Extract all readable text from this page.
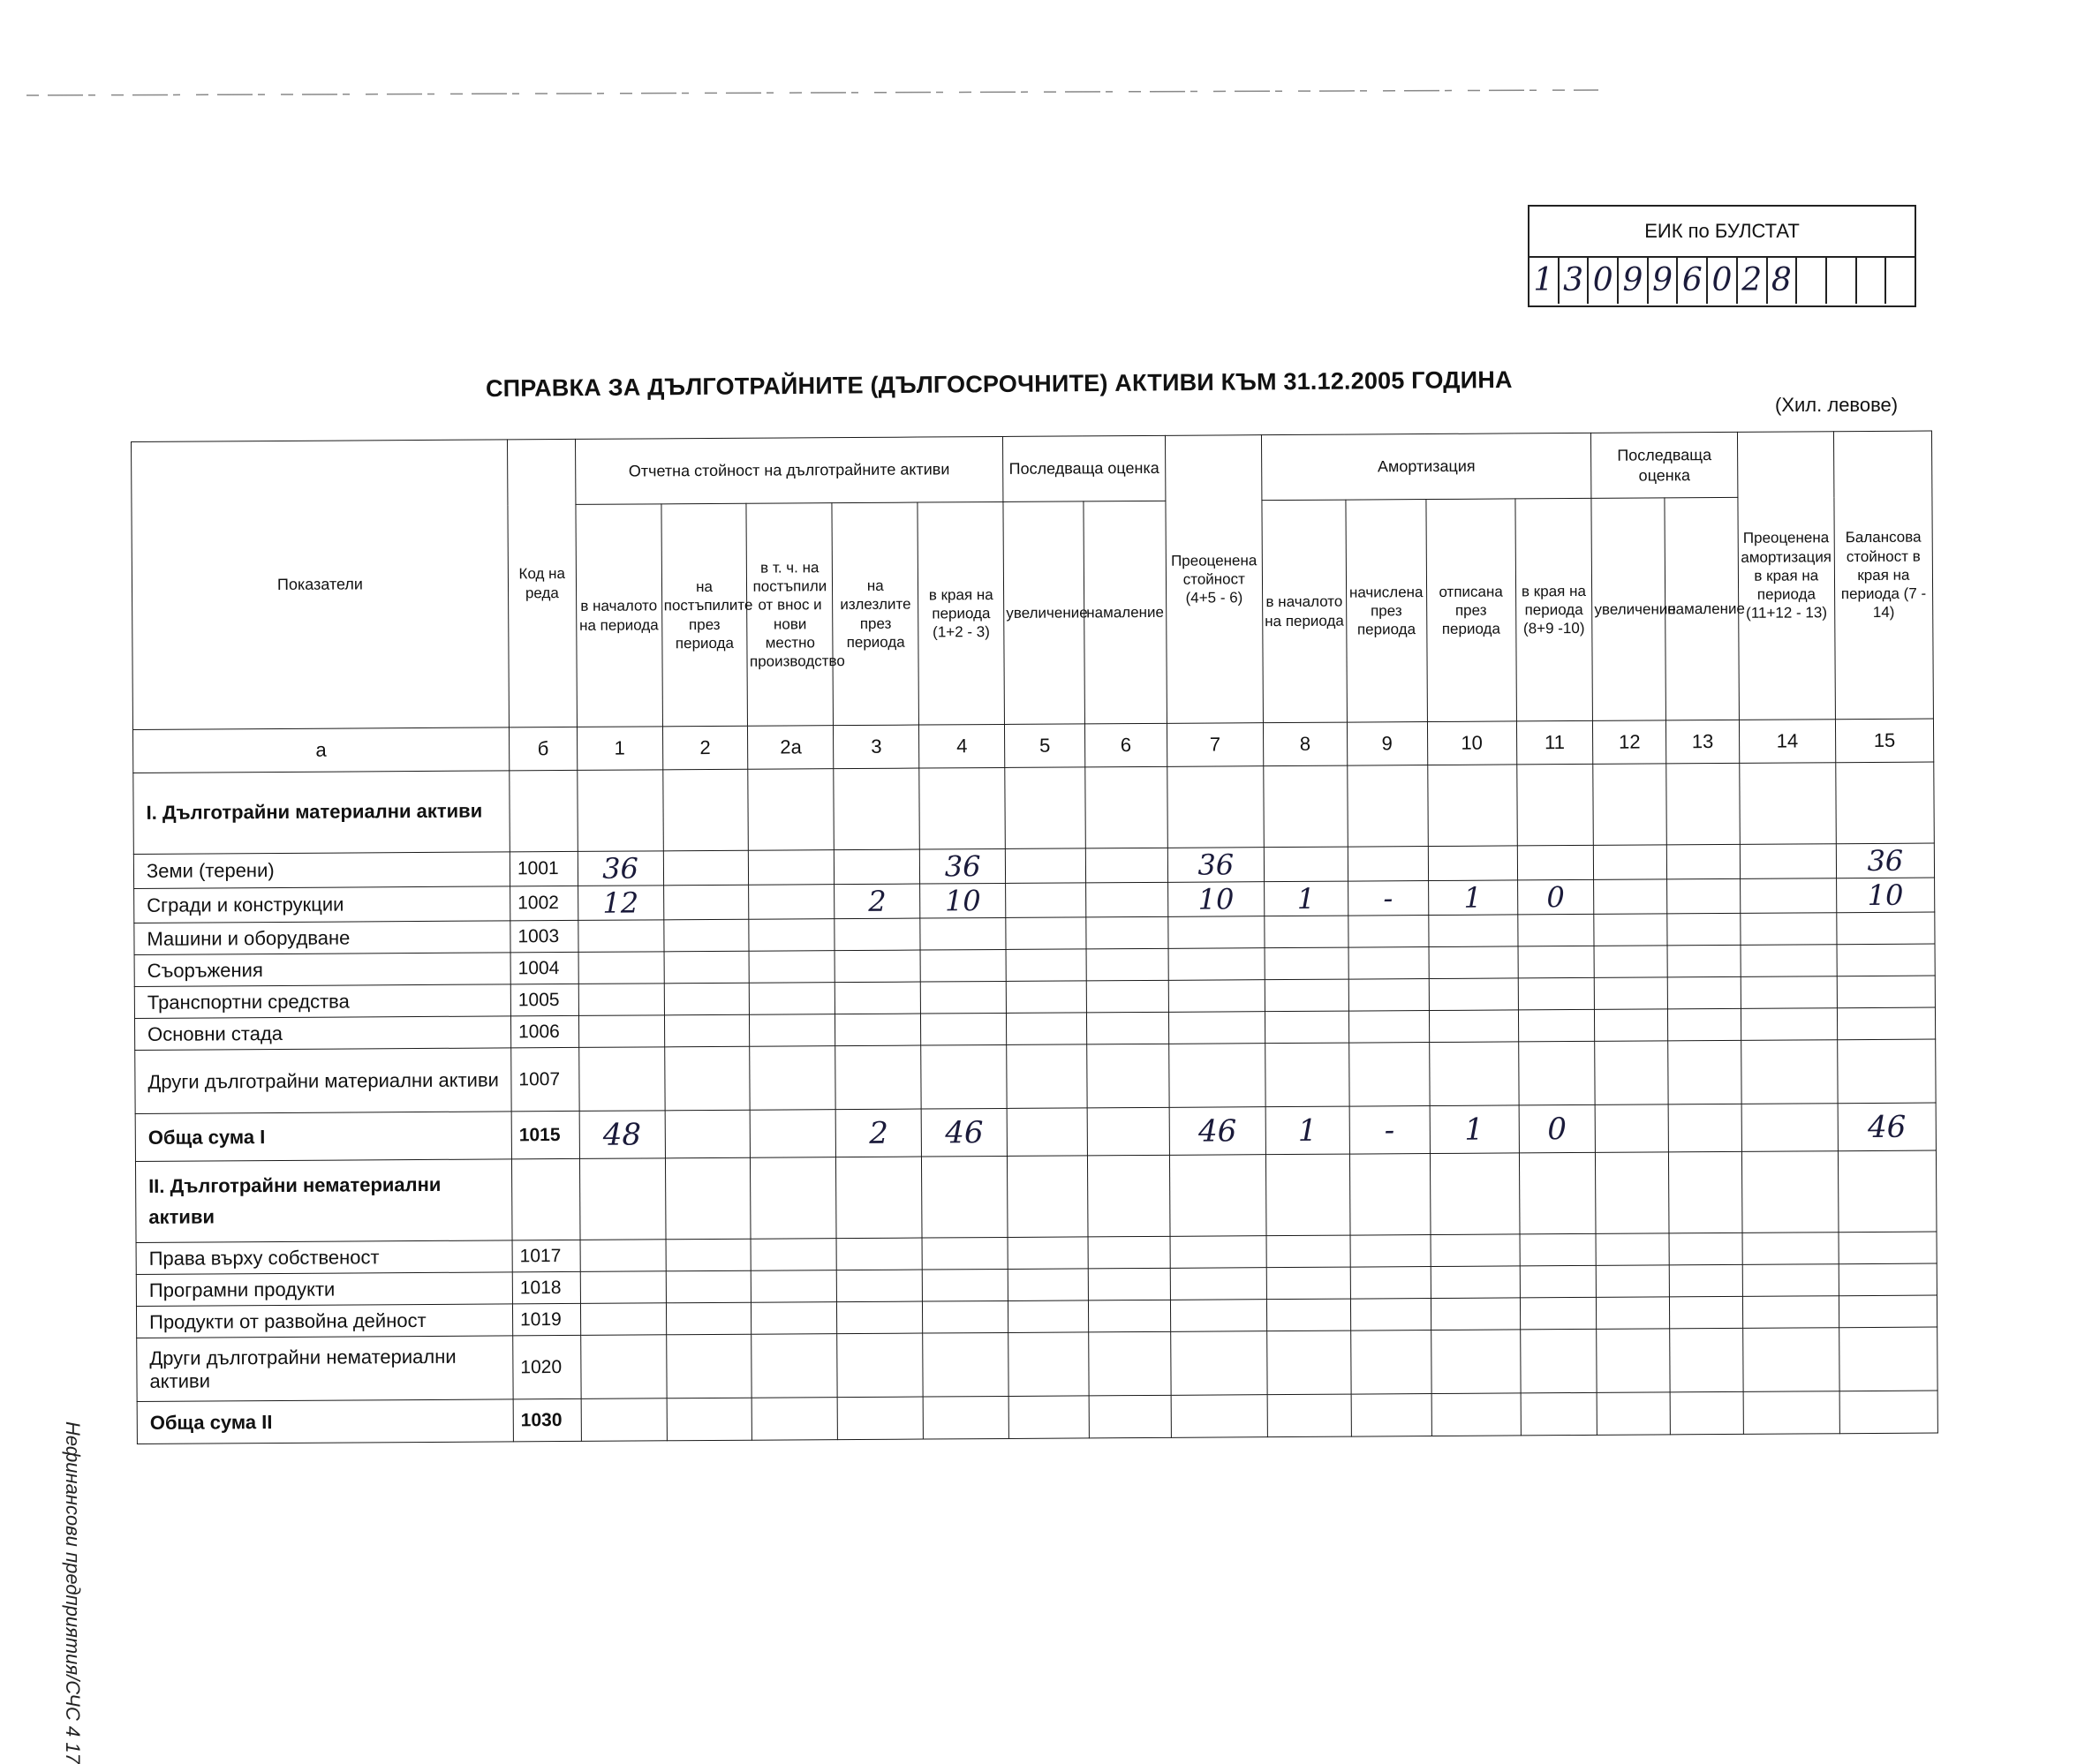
Нефинансови предприятия/СЧС 4 17
ЕИК по БУЛСТАТ
1 3 0 9 9 6 0 2 8
СПРАВКА ЗА ДЪЛГОТРАЙНИТЕ (ДЪЛГОСРОЧНИТЕ) АКТИВИ КЪМ 31.12.2005 ГОДИНА
(Хил. левове)
Показатели	Код на реда	Отчетна стойност на дълготрайните активи					Последваща оценка		Преоценена стойност (4+5 - 6)	Амортизация				Последваща оценка		Преоценена амортизация в края на периода (11+12 - 13)	Балансова стойност в края на периода (7 - 14)
		в началото на периода	на постъпилите през периода	в т. ч. на постъпили от внос и нови местно производство	на излезлите през периода	в края на периода (1+2 - 3)	увеличение	намаление		в началото на периода	начислена през периода	отписана през периода	в края на периода (8+9 -10)	увеличение	намаление		
а	б	1	2	2а	3	4	5	6	7	8	9	10	11	12	13	14	15
I. Дълготрайни материални активи																	
Земи (терени)	1001	36				36			36								36
Сгради и конструкции	1002	12			2	10			10	1	-	1	0				10
Машини и оборудване	1003																
Съоръжения	1004																
Транспортни средства	1005																
Основни стада	1006																
Други дълготрайни материални активи	1007																
Обща сума I	1015	48			2	46			46	1	-	1	0				46
II. Дълготрайни нематериални активи																	
Права върху собственост	1017																
Програмни продукти	1018																
Продукти от развойна дейност	1019																
Други дълготрайни нематериални активи	1020																
Обща сума II	1030																
